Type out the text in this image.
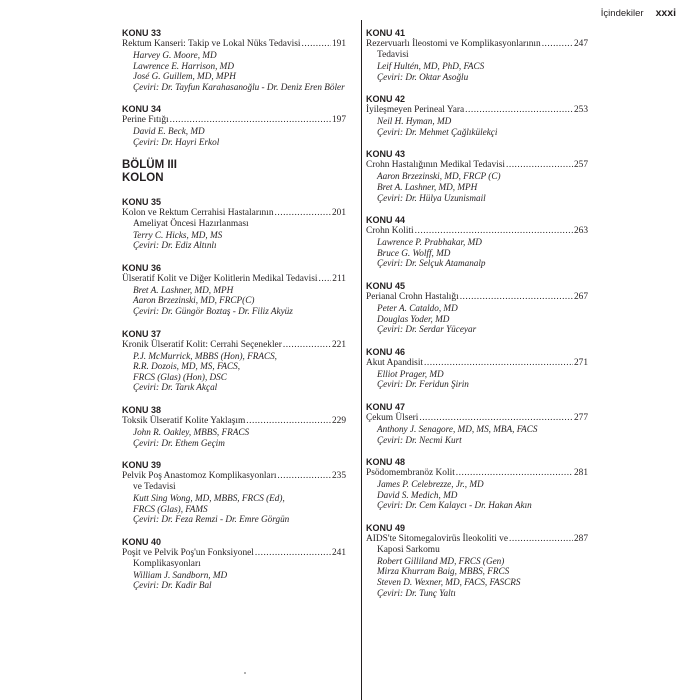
İçindekiler xxxi
KONU 33
Rektum Kanseri: Takip ve Lokal Nüks Tedavisi .....	191
Harvey G. Moore, MD
Lawrence E. Harrison, MD
José G. Guillem, MD, MPH
Çeviri: Dr. Tayfun Karahasanoğlu - Dr. Deniz Eren Böler
KONU 34
Perine Fıtığı .....	197
David E. Beck, MD
Çeviri: Dr. Hayri Erkol
BÖLÜM III
KOLON
KONU 35
Kolon ve Rektum Cerrahisi Hastalarının .....	201
Ameliyat Öncesi Hazırlanması
Terry C. Hicks, MD, MS
Çeviri: Dr. Ediz Altınlı
KONU 36
Ülseratif Kolit ve Diğer Kolitlerin Medikal Tedavisi ..... 211
Bret A. Lashner, MD, MPH
Aaron Brzezinski, MD, FRCP(C)
Çeviri: Dr. Güngör Boztaş - Dr. Filiz Akyüz
KONU 37
Kronik Ülseratif Kolit: Cerrahi Seçenekler .....	221
P.J. McMurrick, MBBS (Hon), FRACS,
R.R. Dozois, MD, MS, FACS,
FRCS (Glas) (Hon), DSC
Çeviri: Dr. Tarık Akçal
KONU 38
Toksik Ülseratif Kolite Yaklaşım .....	229
John R. Oakley, MBBS, FRACS
Çeviri: Dr. Ethem Geçim
KONU 39
Pelvik Poş Anastomoz Komplikasyonları .....	235
ve Tedavisi
Kutt Sing Wong, MD, MBBS, FRCS (Ed),
FRCS (Glas), FAMS
Çeviri: Dr. Feza Remzi - Dr. Emre Görgün
KONU 40
Poşit ve Pelvik Poş'un Fonksiyonel .....	241
Komplikasyonları
William J. Sandborn, MD
Çeviri: Dr. Kadir Bal
KONU 41
Rezervuarlı İleostomi ve Komplikasyonlarının .....	247
Tedavisi
Leif Hultén, MD, PhD, FACS
Çeviri: Dr. Oktar Asoğlu
KONU 42
İyileşmeyen Perineal Yara .....	253
Neil H. Hyman, MD
Çeviri: Dr. Mehmet Çağlıkülekçi
KONU 43
Crohn Hastalığının Medikal Tedavisi .....	257
Aaron Brzezinski, MD, FRCP (C)
Bret A. Lashner, MD, MPH
Çeviri: Dr. Hülya Uzunismail
KONU 44
Crohn Koliti .....	263
Lawrence P. Prabhakar, MD
Bruce G. Wolff, MD
Çeviri: Dr. Selçuk Atamanalp
KONU 45
Perianal Crohn Hastalığı .....	267
Peter A. Cataldo, MD
Douglas Yoder, MD
Çeviri: Dr. Serdar Yüceyar
KONU 46
Akut Apandisit .....	271
Elliot Prager, MD
Çeviri: Dr. Feridun Şirin
KONU 47
Çekum Ülseri .....	277
Anthony J. Senagore, MD, MS, MBA, FACS
Çeviri: Dr. Necmi Kurt
KONU 48
Psödomembranöz Kolit .....	281
James P. Celebrezze, Jr., MD
David S. Medich, MD
Çeviri: Dr. Cem Kalaycı - Dr. Hakan Akın
KONU 49
AIDS'te Sitomegalovirüs İleokoliti ve .....	287
Kaposi Sarkomu
Robert Gilliland MD, FRCS (Gen)
Mirza Khurram Baig, MBBS, FRCS
Steven D. Wexner, MD, FACS, FASCRS
Çeviri: Dr. Tunç Yaltı
